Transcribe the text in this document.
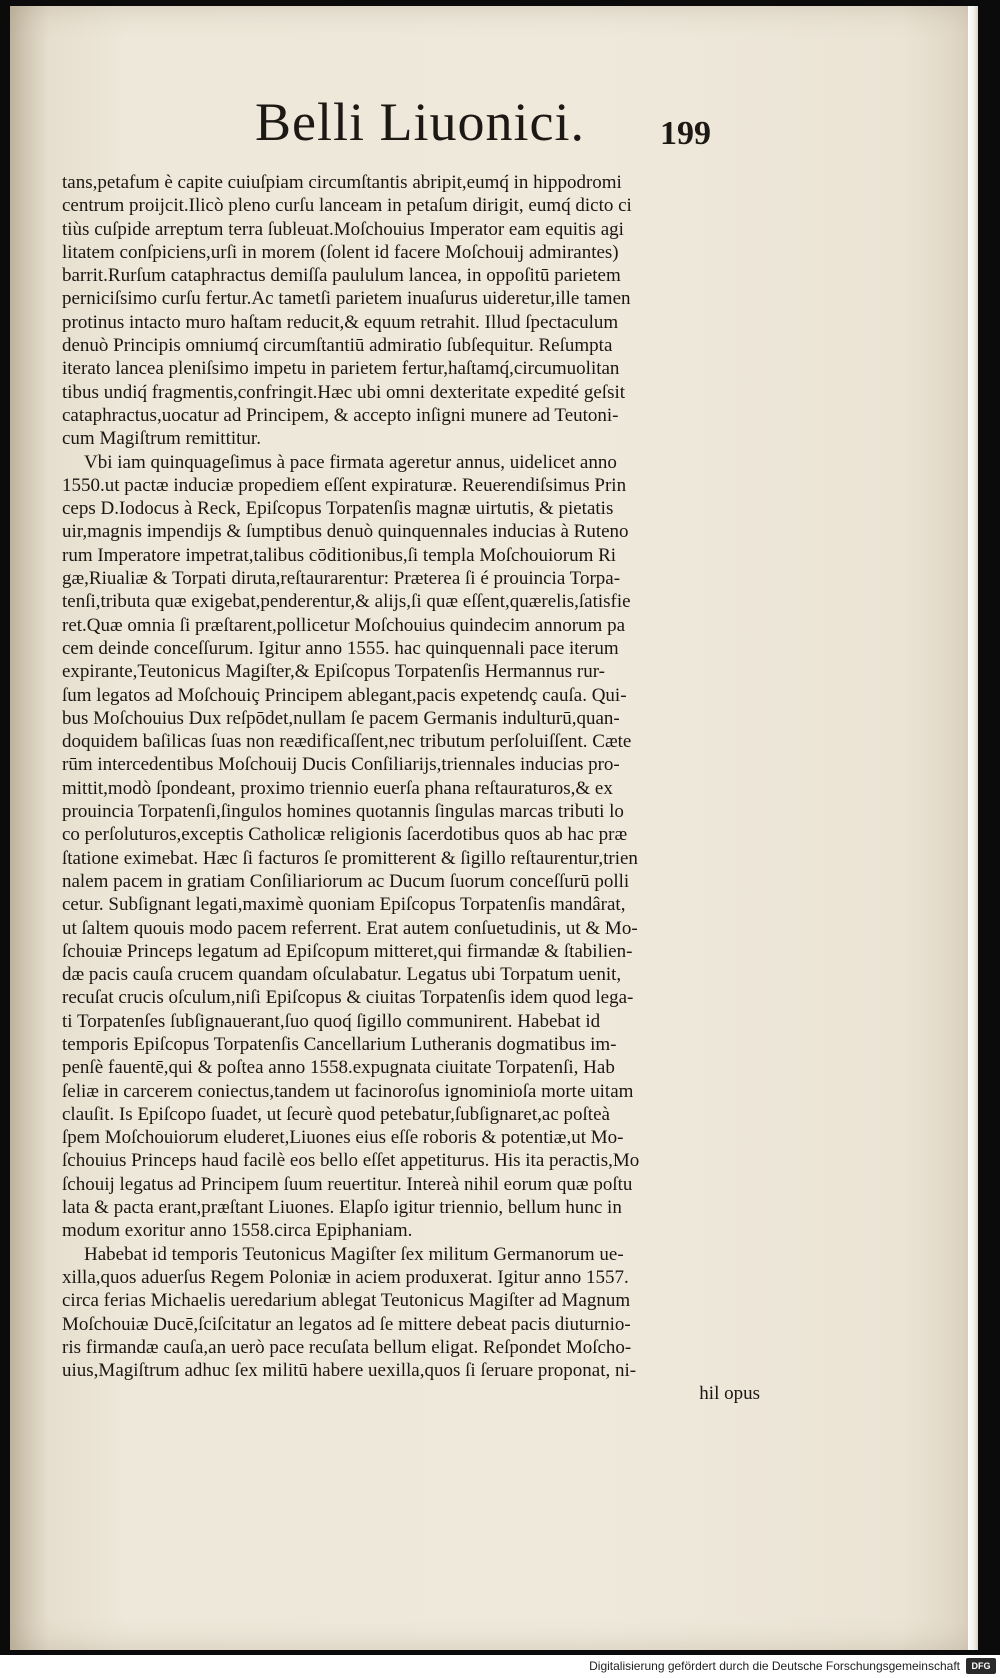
Belli Liuonici. 199
tans,petafum è capite cuiuſpiam circumſtantis abripit,eumq́ in hippodromi
centrum proijcit.Ilicò pleno curſu lanceam in petaſum dirigit, eumq́ dicto ci
tiùs cuſpide arreptum terra ſubleuat.Moſchouius Imperator eam equitis agi
litatem conſpiciens,urſi in morem (ſolent id facere Moſchouij admirantes)
barrit.Rurſum cataphractus demiſſa paululum lancea, in oppoſitū parietem
perniciſsimo curſu fertur.Ac tametſi parietem inuaſurus uideretur,ille tamen
protinus intacto muro haſtam reducit,& equum retrahit. Illud ſpectaculum
denuò Principis omniumq́ circumſtantiū admiratio ſubſequitur. Reſumpta
iterato lancea pleniſsimo impetu in parietem fertur,haſtamq́,circumuolitan
tibus undiq́ fragmentis,confringit.Hæc ubi omni dexteritate expedité geſsit
cataphractus,uocatur ad Principem, & accepto inſigni munere ad Teutoni-
cum Magiſtrum remittitur.
Vbi iam quinquageſimus à pace firmata ageretur annus, uidelicet anno
1550.ut pactæ induciæ propediem eſſent expiraturæ. Reuerendiſsimus Prin
ceps D.Iodocus à Reck, Epiſcopus Torpatenſis magnæ uirtutis, & pietatis
uir,magnis impendijs & ſumptibus denuò quinquennales inducias à Ruteno
rum Imperatore impetrat,talibus cōditionibus,ſi templa Moſchouiorum Ri
gæ,Riualiæ & Torpati diruta,reſtaurarentur: Præterea ſi é prouincia Torpa-
tenſi,tributa quæ exigebat,penderentur,& alijs,ſi quæ eſſent,quærelis,ſatisfie
ret.Quæ omnia ſi præſtarent,pollicetur Moſchouius quindecim annorum pa
cem deinde conceſſurum. Igitur anno 1555. hac quinquennali pace iterum
expirante,Teutonicus Magiſter,& Epiſcopus Torpatenſis Hermannus rur-
ſum legatos ad Moſchouiç Principem ablegant,pacis expetendç cauſa. Qui-
bus Moſchouius Dux reſpōdet,nullam ſe pacem Germanis indulturū,quan-
doquidem baſilicas ſuas non reædificaſſent,nec tributum perſoluiſſent. Cæte
rūm intercedentibus Moſchouij Ducis Conſiliarijs,triennales inducias pro-
mittit,modò ſpondeant, proximo triennio euerſa phana reſtauraturos,& ex
prouincia Torpatenſi,ſingulos homines quotannis ſingulas marcas tributi lo
co perſoluturos,exceptis Catholicæ religionis ſacerdotibus quos ab hac præ
ſtatione eximebat. Hæc ſi facturos ſe promitterent & ſigillo reſtaurentur,trien
nalem pacem in gratiam Conſiliariorum ac Ducum ſuorum conceſſurū polli
cetur. Subſignant legati,maximè quoniam Epiſcopus Torpatenſis mandârat,
ut ſaltem quouis modo pacem referrent. Erat autem conſuetudinis, ut & Mo-
ſchouiæ Princeps legatum ad Epiſcopum mitteret,qui firmandæ & ſtabilien-
dæ pacis cauſa crucem quandam oſculabatur. Legatus ubi Torpatum uenit,
recuſat crucis oſculum,niſi Epiſcopus & ciuitas Torpatenſis idem quod lega-
ti Torpatenſes ſubſignauerant,ſuo quoq́ ſigillo communirent. Habebat id
temporis Epiſcopus Torpatenſis Cancellarium Lutheranis dogmatibus im-
penſè fauentē,qui & poſtea anno 1558.expugnata ciuitate Torpatenſi, Hab
ſeliæ in carcerem coniectus,tandem ut facinoroſus ignominioſa morte uitam
clauſit. Is Epiſcopo ſuadet, ut ſecurè quod petebatur,ſubſignaret,ac poſteà
ſpem Moſchouiorum eluderet,Liuones eius eſſe roboris & potentiæ,ut Mo-
ſchouius Princeps haud facilè eos bello eſſet appetiturus. His ita peractis,Mo
ſchouij legatus ad Principem ſuum reuertitur. Intereà nihil eorum quæ poſtu
lata & pacta erant,præſtant Liuones. Elapſo igitur triennio, bellum hunc in
modum exoritur anno 1558.circa Epiphaniam.
Habebat id temporis Teutonicus Magiſter ſex militum Germanorum ue-
xilla,quos aduerſus Regem Poloniæ in aciem produxerat. Igitur anno 1557.
circa ferias Michaelis ueredarium ablegat Teutonicus Magiſter ad Magnum
Moſchouiæ Ducē,ſciſcitatur an legatos ad ſe mittere debeat pacis diuturnio-
ris firmandæ cauſa,an uerò pace recuſata bellum eligat. Reſpondet Moſcho-
uius,Magiſtrum adhuc ſex militū habere uexilla,quos ſi ſeruare proponat, ni-
hil opus
Digitalisierung gefördert durch die Deutsche Forschungsgemeinschaft	DFG
